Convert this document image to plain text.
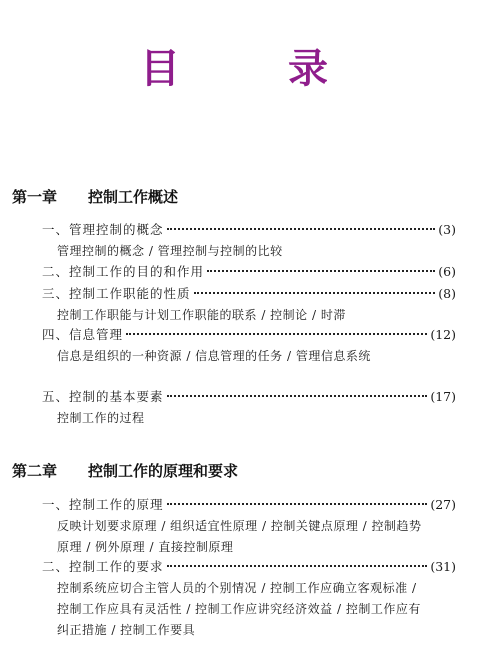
目	录
第一章 控制工作概述
一、管理控制的概念	(3)
管理控制的概念 / 管理控制与控制的比较
二、控制工作的目的和作用	(6)
三、控制工作职能的性质	(8)
控制工作职能与计划工作职能的联系 / 控制论 / 时滞
四、信息管理	(12)
信息是组织的一种资源 / 信息管理的任务 / 管理信息系统
五、控制的基本要素	(17)
控制工作的过程
第二章 控制工作的原理和要求
一、控制工作的原理	(27)
反映计划要求原理 / 组织适宜性原理 / 控制关键点原理 / 控制趋势原理 / 例外原理 / 直接控制原理
二、控制工作的要求	(31)
控制系统应切合主管人员的个别情况 / 控制工作应确立客观标准 / 控制工作应具有灵活性 / 控制工作应讲究经济效益 / 控制工作应有纠正措施 / 控制工作要具
